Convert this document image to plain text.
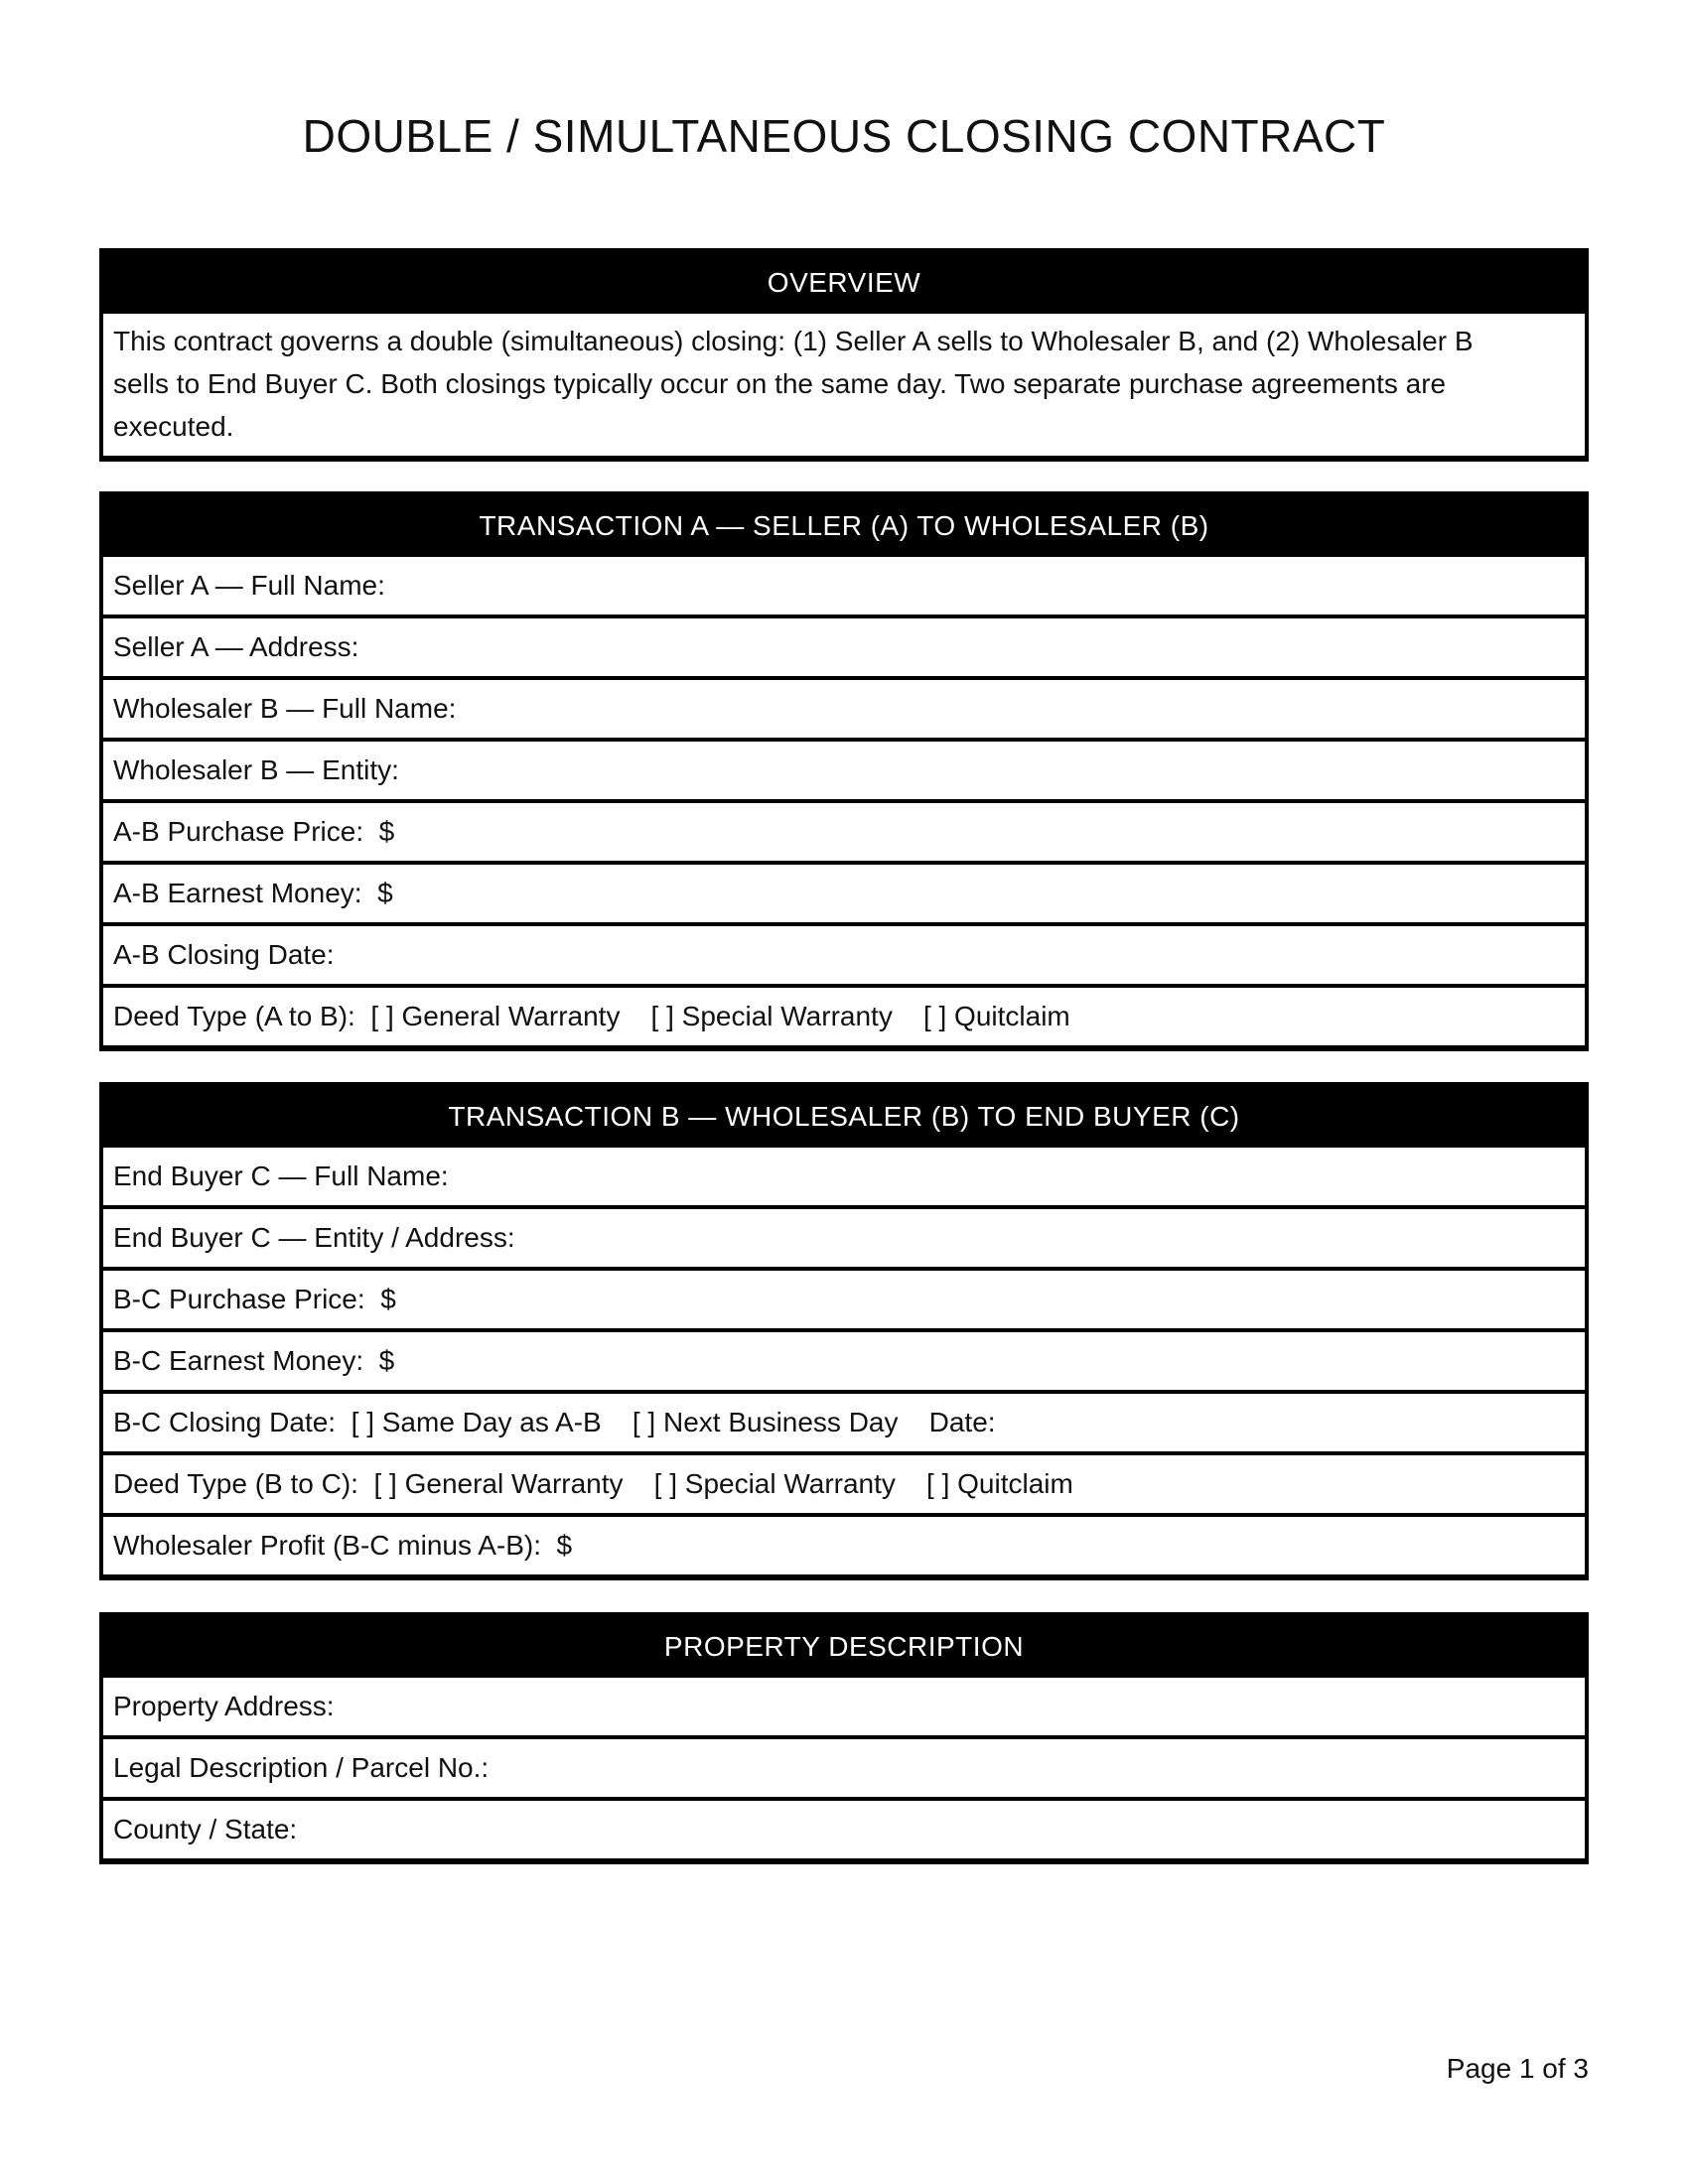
DOUBLE / SIMULTANEOUS CLOSING CONTRACT
OVERVIEW
This contract governs a double (simultaneous) closing: (1) Seller A sells to Wholesaler B, and (2) Wholesaler B sells to End Buyer C. Both closings typically occur on the same day. Two separate purchase agreements are executed.
TRANSACTION A — SELLER (A) TO WHOLESALER (B)
Seller A — Full Name:
Seller A — Address:
Wholesaler B — Full Name:
Wholesaler B — Entity:
A-B Purchase Price:  $
A-B Earnest Money:  $
A-B Closing Date:
Deed Type (A to B):  [ ] General Warranty    [ ] Special Warranty    [ ] Quitclaim
TRANSACTION B — WHOLESALER (B) TO END BUYER (C)
End Buyer C — Full Name:
End Buyer C — Entity / Address:
B-C Purchase Price:  $
B-C Earnest Money:  $
B-C Closing Date:  [ ] Same Day as A-B    [ ] Next Business Day    Date:
Deed Type (B to C):  [ ] General Warranty    [ ] Special Warranty    [ ] Quitclaim
Wholesaler Profit (B-C minus A-B):  $
PROPERTY DESCRIPTION
Property Address:
Legal Description / Parcel No.:
County / State:
Page 1 of 3
